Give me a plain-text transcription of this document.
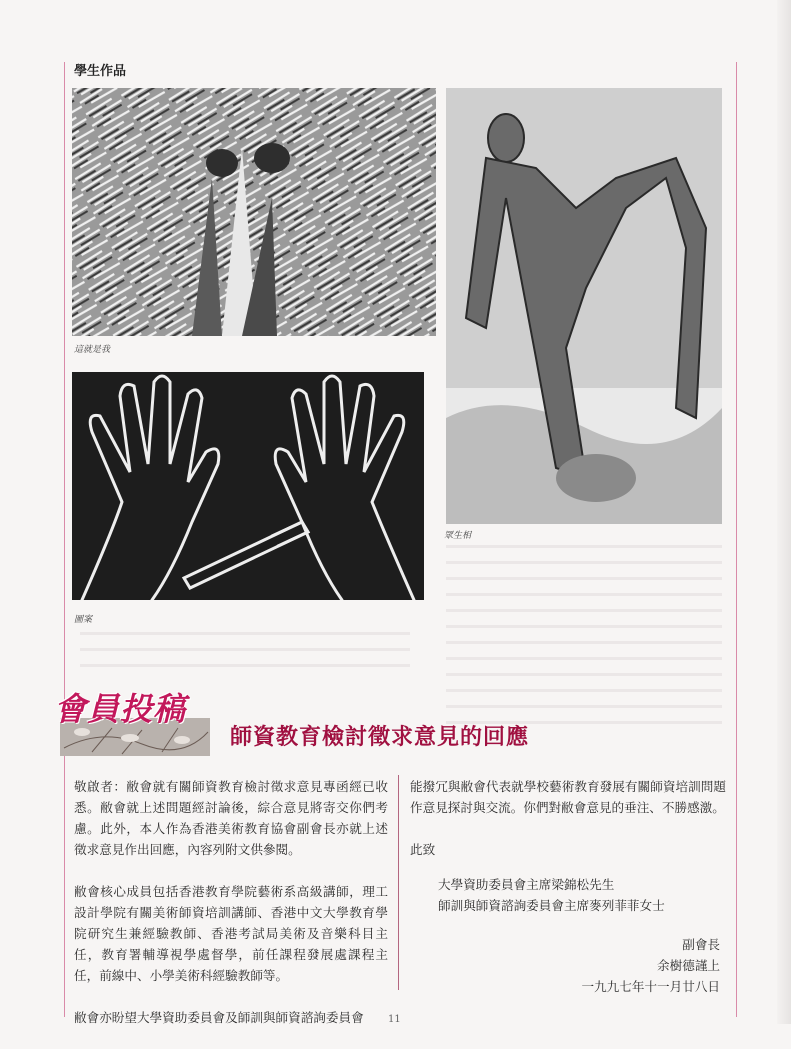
學生作品
這就是我
眾生相
圖案
會員投稿
師資教育檢討徵求意見的回應

敬啟者：敝會就有關師資教育檢討徵求意見專函經已收悉。敝會就上述問題經討論後，綜合意見將寄交你們考慮。此外，本人作為香港美術教育協會副會長亦就上述徵求意見作出回應，內容列附文供參閱。

敝會核心成員包括香港教育學院藝術系高級講師，理工設計學院有關美術師資培訓講師、香港中文大學教育學院研究生兼經驗教師、香港考試局美術及音樂科目主任，教育署輔導視學處督學，前任課程發展處課程主任，前線中、小學美術科經驗教師等。

敝會亦盼望大學資助委員會及師訓與師資諮詢委員會

能撥冗與敝會代表就學校藝術教育發展有關師資培訓問題作意見探討與交流。你們對敝會意見的垂注、不勝感激。

此致

大學資助委員會主席梁錦松先生
師訓與師資諮詢委員會主席麥列菲菲女士
副會長
余樹德謹上
一九九七年十一月廿八日
11
